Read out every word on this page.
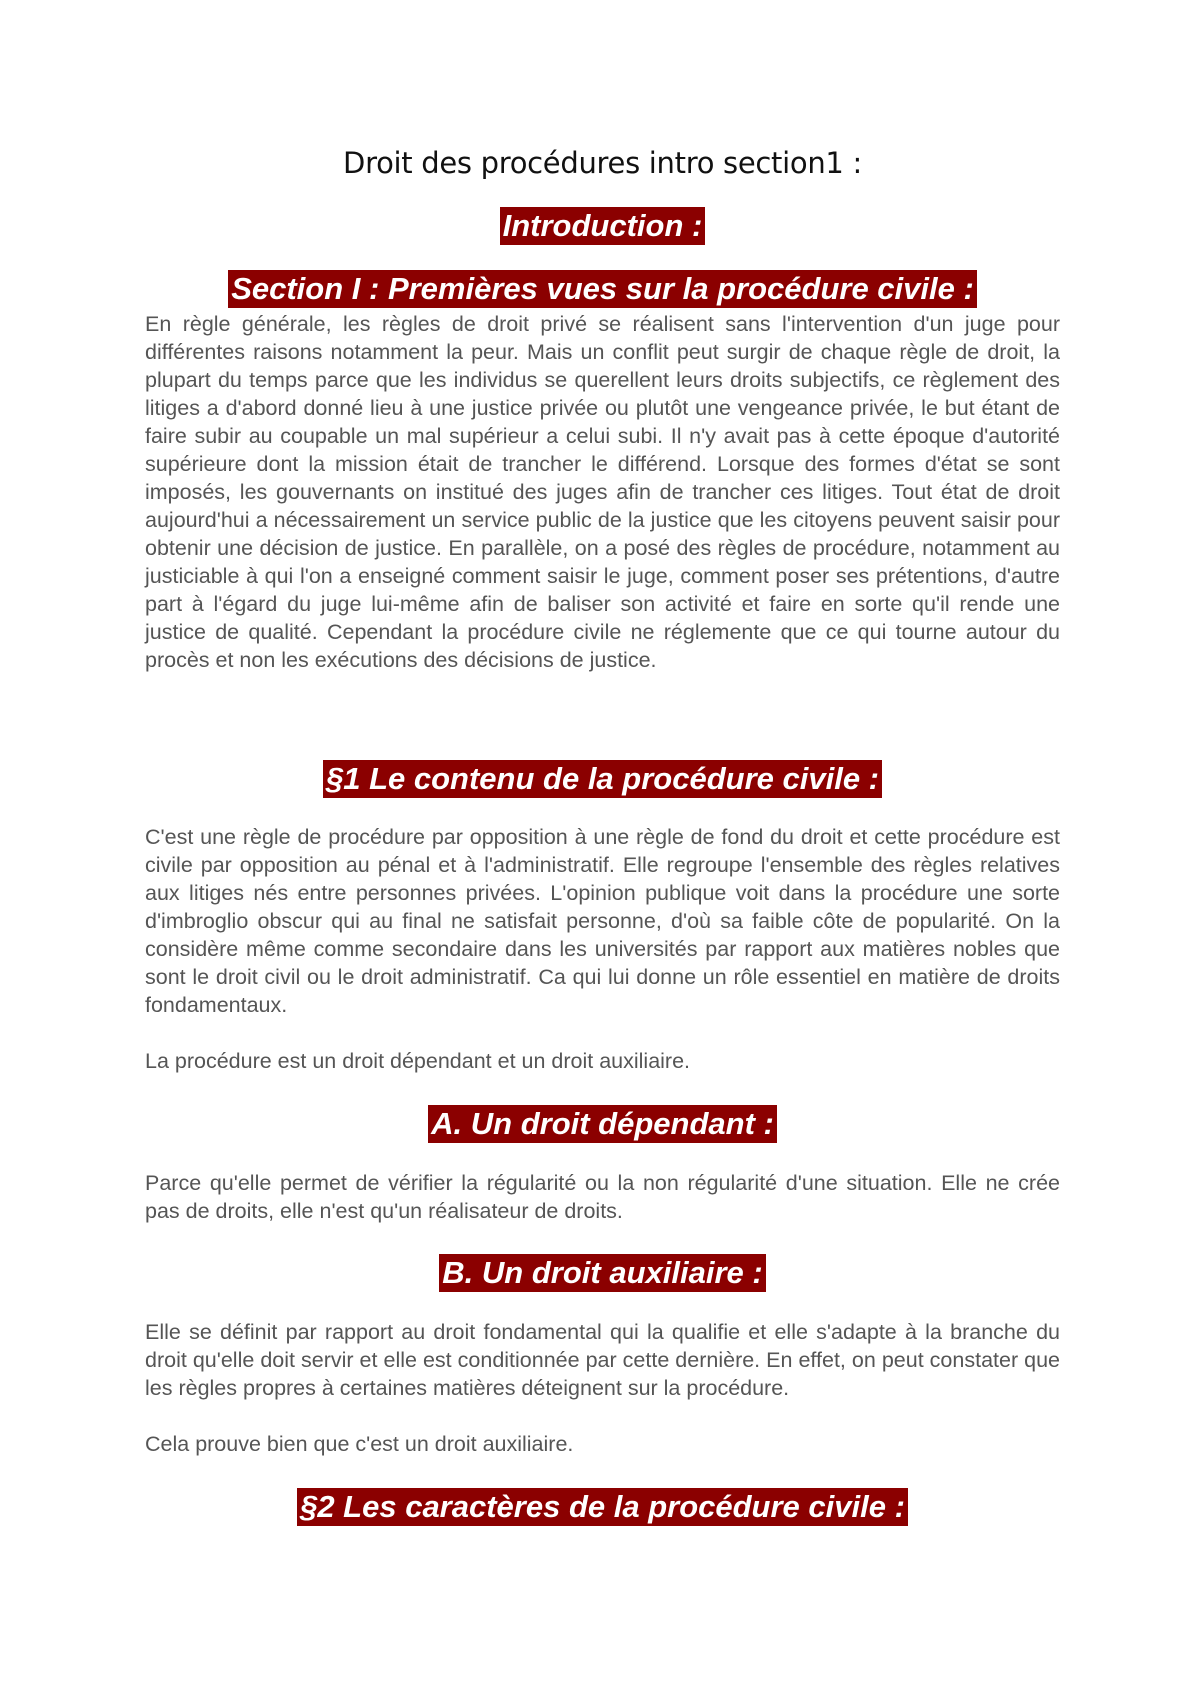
Droit des procédures intro section1 :
Introduction :
Section I : Premières vues sur la procédure civile :

En règle générale, les règles de droit privé se réalisent sans l'intervention d'un juge pour différentes raisons notamment la peur. Mais un conflit peut surgir de chaque règle de droit, la plupart du temps parce que les individus se querellent leurs droits subjectifs, ce règlement des litiges a d'abord donné lieu à une justice privée ou plutôt une vengeance privée, le but étant de faire subir au coupable un mal supérieur a celui subi. Il n'y avait pas à cette époque d'autorité supérieure dont la mission était de trancher le différend. Lorsque des formes d'état se sont imposés, les gouvernants on institué des juges afin de trancher ces litiges. Tout état de droit aujourd'hui a nécessairement un service public de la justice que les citoyens peuvent saisir pour obtenir une décision de justice. En parallèle, on a posé des règles de procédure, notamment au justiciable à qui l'on a enseigné comment saisir le juge, comment poser ses prétentions, d'autre part à l'égard du juge lui-même afin de baliser son activité et faire en sorte qu'il rende une justice de qualité. Cependant la procédure civile ne réglemente que ce qui tourne autour du procès et non les exécutions des décisions de justice.

§1 Le contenu de la procédure civile :

C'est une règle de procédure par opposition à une règle de fond du droit et cette procédure est civile par opposition au pénal et à l'administratif. Elle regroupe l'ensemble des règles relatives aux litiges nés entre personnes privées. L'opinion publique voit dans la procédure une sorte d'imbroglio obscur qui au final ne satisfait personne, d'où sa faible côte de popularité. On la considère même comme secondaire dans les universités par rapport aux matières nobles que sont le droit civil ou le droit administratif. Ca qui lui donne un rôle essentiel en matière de droits fondamentaux.

La procédure est un droit dépendant et un droit auxiliaire.

A. Un droit dépendant :

Parce qu'elle permet de vérifier la régularité ou la non régularité d'une situation. Elle ne crée pas de droits, elle n'est qu'un réalisateur de droits.

B. Un droit auxiliaire :

Elle se définit par rapport au droit fondamental qui la qualifie et elle s'adapte à la branche du droit qu'elle doit servir et elle est conditionnée par cette dernière. En effet, on peut constater que les règles propres à certaines matières déteignent sur la procédure.

Cela prouve bien que c'est un droit auxiliaire.

§2 Les caractères de la procédure civile :
